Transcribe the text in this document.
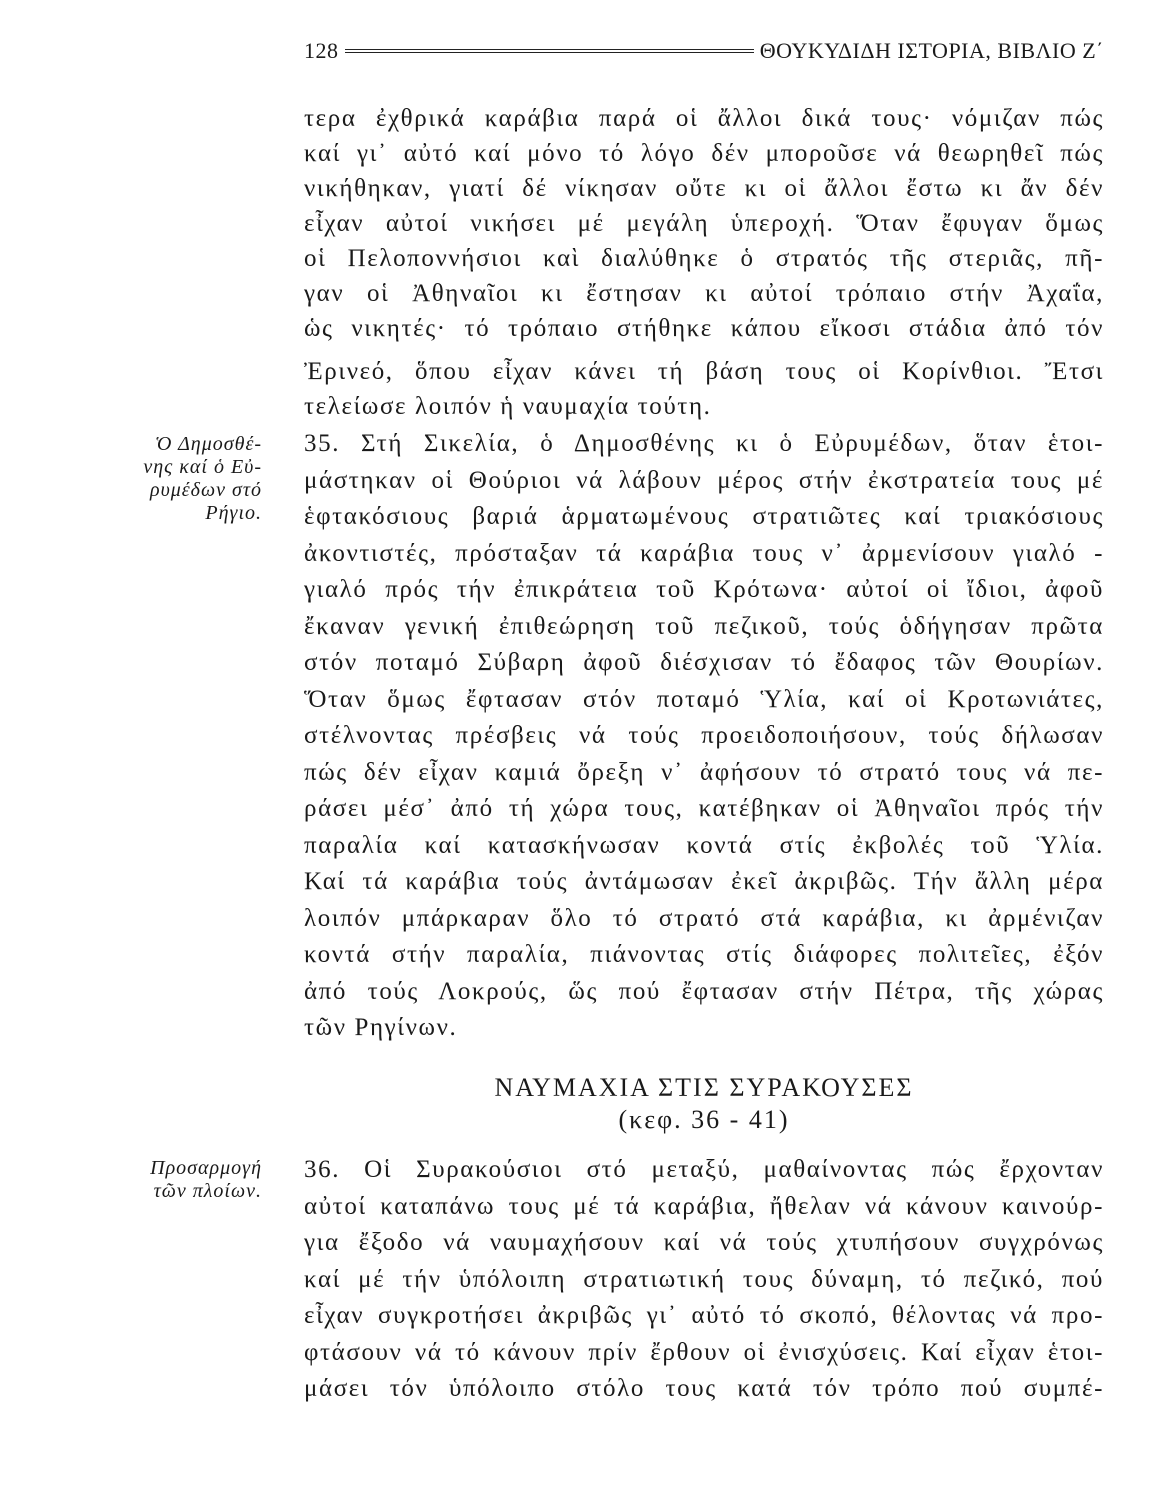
128	ΘΟΥΚΥΔΙΔΗ ΙΣΤΟΡΙΑ, ΒΙΒΛΙΟ Ζ΄
Ὁ Δημοσθέ-
νης καί ὁ Εὐ-
ρυμέδων στό
Ρήγιο.
Προσαρμογή
τῶν πλοίων.
τερα ἐχθρικά καράβια παρά οἱ ἄλλοι δικά τους· νόμιζαν πώς
καί γι᾿ αὐτό καί μόνο τό λόγο δέν μποροῦσε νά θεωρηθεῖ πώς
νικήθηκαν, γιατί δέ νίκησαν οὔτε κι οἱ ἄλλοι ἔστω κι ἄν δέν
εἶχαν αὐτοί νικήσει μέ μεγάλη ὑπεροχή. Ὅταν ἔφυγαν ὅμως
οἱ Πελοποννήσιοι καὶ διαλύθηκε ὁ στρατός τῆς στεριᾶς, πῆ-
γαν οἱ Ἀθηναῖοι κι ἔστησαν κι αὐτοί τρόπαιο στήν Ἀχαΐα,
ὡς νικητές· τό τρόπαιο στήθηκε κάπου εἴκοσι στάδια ἀπό τόν
Ἐρινεό, ὅπου εἶχαν κάνει τή βάση τους οἱ Κορίνθιοι. Ἔτσι
τελείωσε λοιπόν ἡ ναυμαχία τούτη.
35. Στή Σικελία, ὁ Δημοσθένης κι ὁ Εὐρυμέδων, ὅταν ἑτοι-
μάστηκαν οἱ Θούριοι νά λάβουν μέρος στήν ἐκστρατεία τους μέ
ἑφτακόσιους βαριά ἁρματωμένους στρατιῶτες καί τριακόσιους
ἀκοντιστές, πρόσταξαν τά καράβια τους ν᾿ ἀρμενίσουν γιαλό -
γιαλό πρός τήν ἐπικράτεια τοῦ Κρότωνα· αὐτοί οἱ ἴδιοι, ἀφοῦ
ἔκαναν γενική ἐπιθεώρηση τοῦ πεζικοῦ, τούς ὁδήγησαν πρῶτα
στόν ποταμό Σύβαρη ἀφοῦ διέσχισαν τό ἔδαφος τῶν Θουρίων.
Ὅταν ὅμως ἔφτασαν στόν ποταμό Ὑλία, καί οἱ Κροτωνιάτες,
στέλνοντας πρέσβεις νά τούς προειδοποιήσουν, τούς δήλωσαν
πώς δέν εἶχαν καμιά ὄρεξη ν᾿ ἀφήσουν τό στρατό τους νά πε-
ράσει μέσ᾿ ἀπό τή χώρα τους, κατέβηκαν οἱ Ἀθηναῖοι πρός τήν
παραλία καί κατασκήνωσαν κοντά στίς ἐκβολές τοῦ Ὑλία.
Καί τά καράβια τούς ἀντάμωσαν ἐκεῖ ἀκριβῶς. Τήν ἄλλη μέρα
λοιπόν μπάρκαραν ὅλο τό στρατό στά καράβια, κι ἀρμένιζαν
κοντά στήν παραλία, πιάνοντας στίς διάφορες πολιτεῖες, ἐξόν
ἀπό τούς Λοκρούς, ὥς πού ἔφτασαν στήν Πέτρα, τῆς χώρας
τῶν Ρηγίνων.
ΝΑΥΜΑΧΙΑ ΣΤΙΣ ΣΥΡΑΚΟΥΣΕΣ
(κεφ. 36 - 41)
36. Οἱ Συρακούσιοι στό μεταξύ, μαθαίνοντας πώς ἔρχονταν
αὐτοί καταπάνω τους μέ τά καράβια, ἤθελαν νά κάνουν καινούρ-
για ἔξοδο νά ναυμαχήσουν καί νά τούς χτυπήσουν συγχρόνως
καί μέ τήν ὑπόλοιπη στρατιωτική τους δύναμη, τό πεζικό, πού
εἶχαν συγκροτήσει ἀκριβῶς γι᾿ αὐτό τό σκοπό, θέλοντας νά προ-
φτάσουν νά τό κάνουν πρίν ἔρθουν οἱ ἐνισχύσεις. Καί εἶχαν ἑτοι-
μάσει τόν ὑπόλοιπο στόλο τους κατά τόν τρόπο πού συμπέ-
